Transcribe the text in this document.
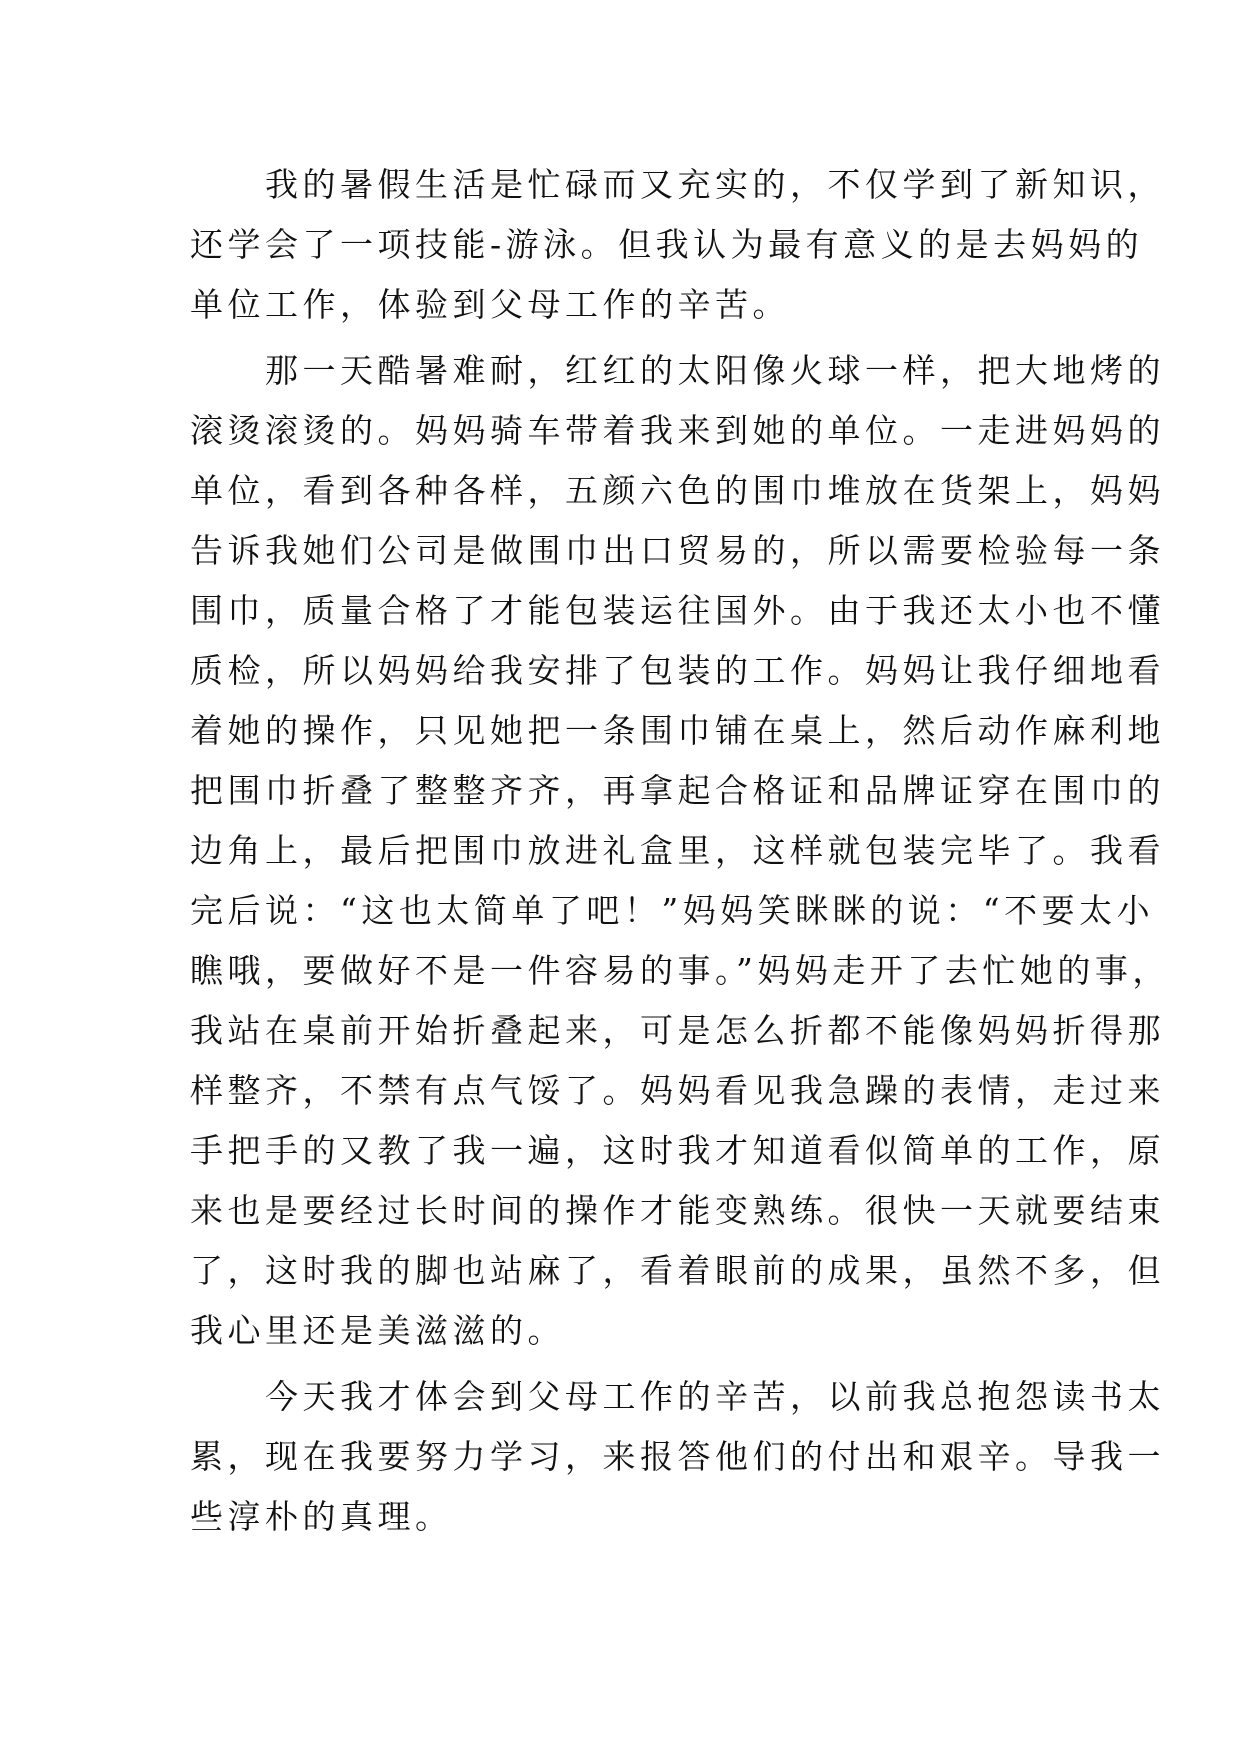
　　我的暑假生活是忙碌而又充实的，不仅学到了新知识，
还学会了一项技能-游泳。但我认为最有意义的是去妈妈的
单位工作，体验到父母工作的辛苦。
　　那一天酷暑难耐，红红的太阳像火球一样，把大地烤的
滚烫滚烫的。妈妈骑车带着我来到她的单位。一走进妈妈的
单位，看到各种各样，五颜六色的围巾堆放在货架上，妈妈
告诉我她们公司是做围巾出口贸易的，所以需要检验每一条
围巾，质量合格了才能包装运往国外。由于我还太小也不懂
质检，所以妈妈给我安排了包装的工作。妈妈让我仔细地看
着她的操作，只见她把一条围巾铺在桌上，然后动作麻利地
把围巾折叠了整整齐齐，再拿起合格证和品牌证穿在围巾的
边角上，最后把围巾放进礼盒里，这样就包装完毕了。我看
完后说：“这也太简单了吧！”妈妈笑眯眯的说：“不要太小
瞧哦，要做好不是一件容易的事。”妈妈走开了去忙她的事，
我站在桌前开始折叠起来，可是怎么折都不能像妈妈折得那
样整齐，不禁有点气馁了。妈妈看见我急躁的表情，走过来
手把手的又教了我一遍，这时我才知道看似简单的工作，原
来也是要经过长时间的操作才能变熟练。很快一天就要结束
了，这时我的脚也站麻了，看着眼前的成果，虽然不多，但
我心里还是美滋滋的。
　　今天我才体会到父母工作的辛苦，以前我总抱怨读书太
累，现在我要努力学习，来报答他们的付出和艰辛。导我一
些淳朴的真理。
